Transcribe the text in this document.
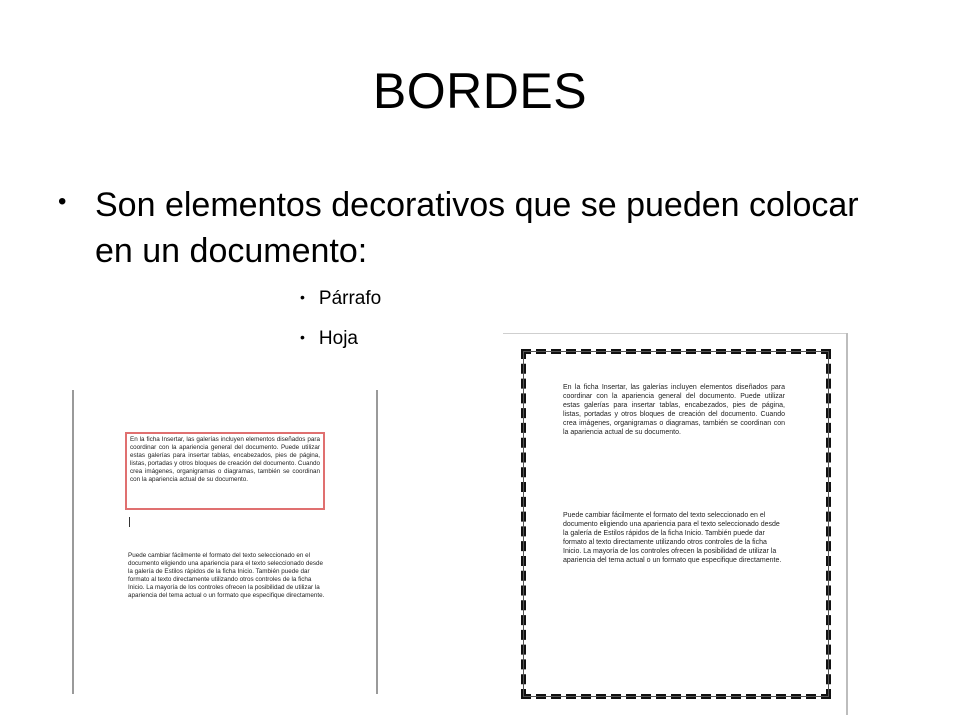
BORDES
• Son elementos decorativos que se pueden colocar en un documento:
• Párrafo
• Hoja

En la ficha Insertar, las galerías incluyen elementos diseñados para coordinar con la apariencia general del documento. Puede utilizar estas galerías para insertar tablas, encabezados, pies de página, listas, portadas y otros bloques de creación del documento. Cuando crea imágenes, organigramas o diagramas, también se coordinan con la apariencia actual de su documento.

Puede cambiar fácilmente el formato del texto seleccionado en el documento eligiendo una apariencia para el texto seleccionado desde la galería de Estilos rápidos de la ficha Inicio. También puede dar formato al texto directamente utilizando otros controles de la ficha Inicio. La mayoría de los controles ofrecen la posibilidad de utilizar la apariencia del tema actual o un formato que especifique directamente.

En la ficha Insertar, las galerías incluyen elementos diseñados para coordinar con la apariencia general del documento. Puede utilizar estas galerías para insertar tablas, encabezados, pies de página, listas, portadas y otros bloques de creación del documento. Cuando crea imágenes, organigramas o diagramas, también se coordinan con la apariencia actual de su documento.

Puede cambiar fácilmente el formato del texto seleccionado en el documento eligiendo una apariencia para el texto seleccionado desde la galería de Estilos rápidos de la ficha Inicio. También puede dar formato al texto directamente utilizando otros controles de la ficha Inicio. La mayoría de los controles ofrecen la posibilidad de utilizar la apariencia del tema actual o un formato que especifique directamente.
